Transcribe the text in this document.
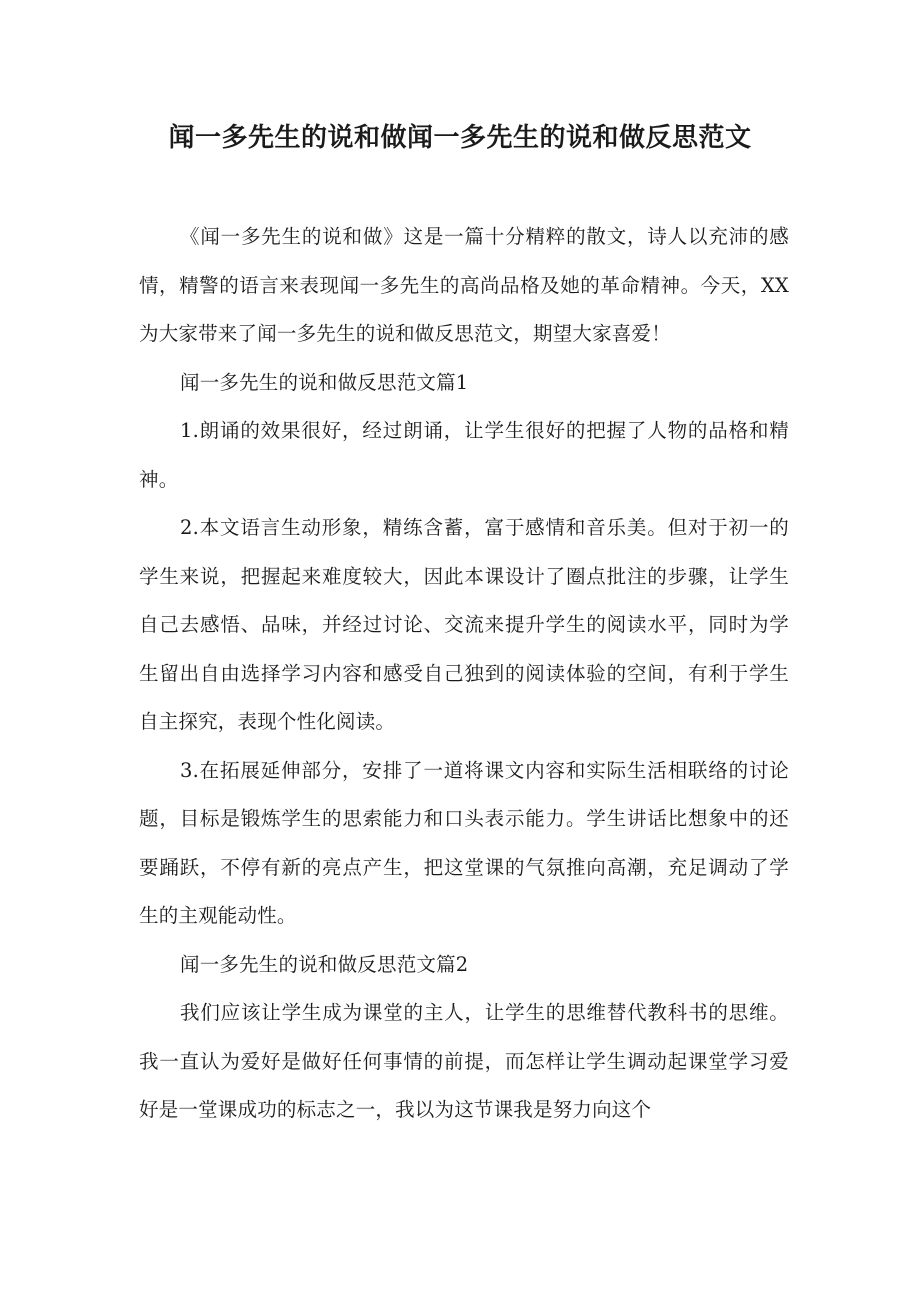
闻一多先生的说和做闻一多先生的说和做反思范文

《闻一多先生的说和做》这是一篇十分精粹的散文，诗人以充沛的感情，精警的语言来表现闻一多先生的高尚品格及她的革命精神。今天，XX为大家带来了闻一多先生的说和做反思范文，期望大家喜爱！

闻一多先生的说和做反思范文篇1

1.朗诵的效果很好，经过朗诵，让学生很好的把握了人物的品格和精神。

2.本文语言生动形象，精练含蓄，富于感情和音乐美。但对于初一的学生来说，把握起来难度较大，因此本课设计了圈点批注的步骤，让学生自己去感悟、品味，并经过讨论、交流来提升学生的阅读水平，同时为学生留出自由选择学习内容和感受自己独到的阅读体验的空间，有利于学生自主探究，表现个性化阅读。

3.在拓展延伸部分，安排了一道将课文内容和实际生活相联络的讨论题，目标是锻炼学生的思索能力和口头表示能力。学生讲话比想象中的还要踊跃，不停有新的亮点产生，把这堂课的气氛推向高潮，充足调动了学生的主观能动性。

闻一多先生的说和做反思范文篇2

我们应该让学生成为课堂的主人，让学生的思维替代教科书的思维。我一直认为爱好是做好任何事情的前提，而怎样让学生调动起课堂学习爱好是一堂课成功的标志之一，我以为这节课我是努力向这个
